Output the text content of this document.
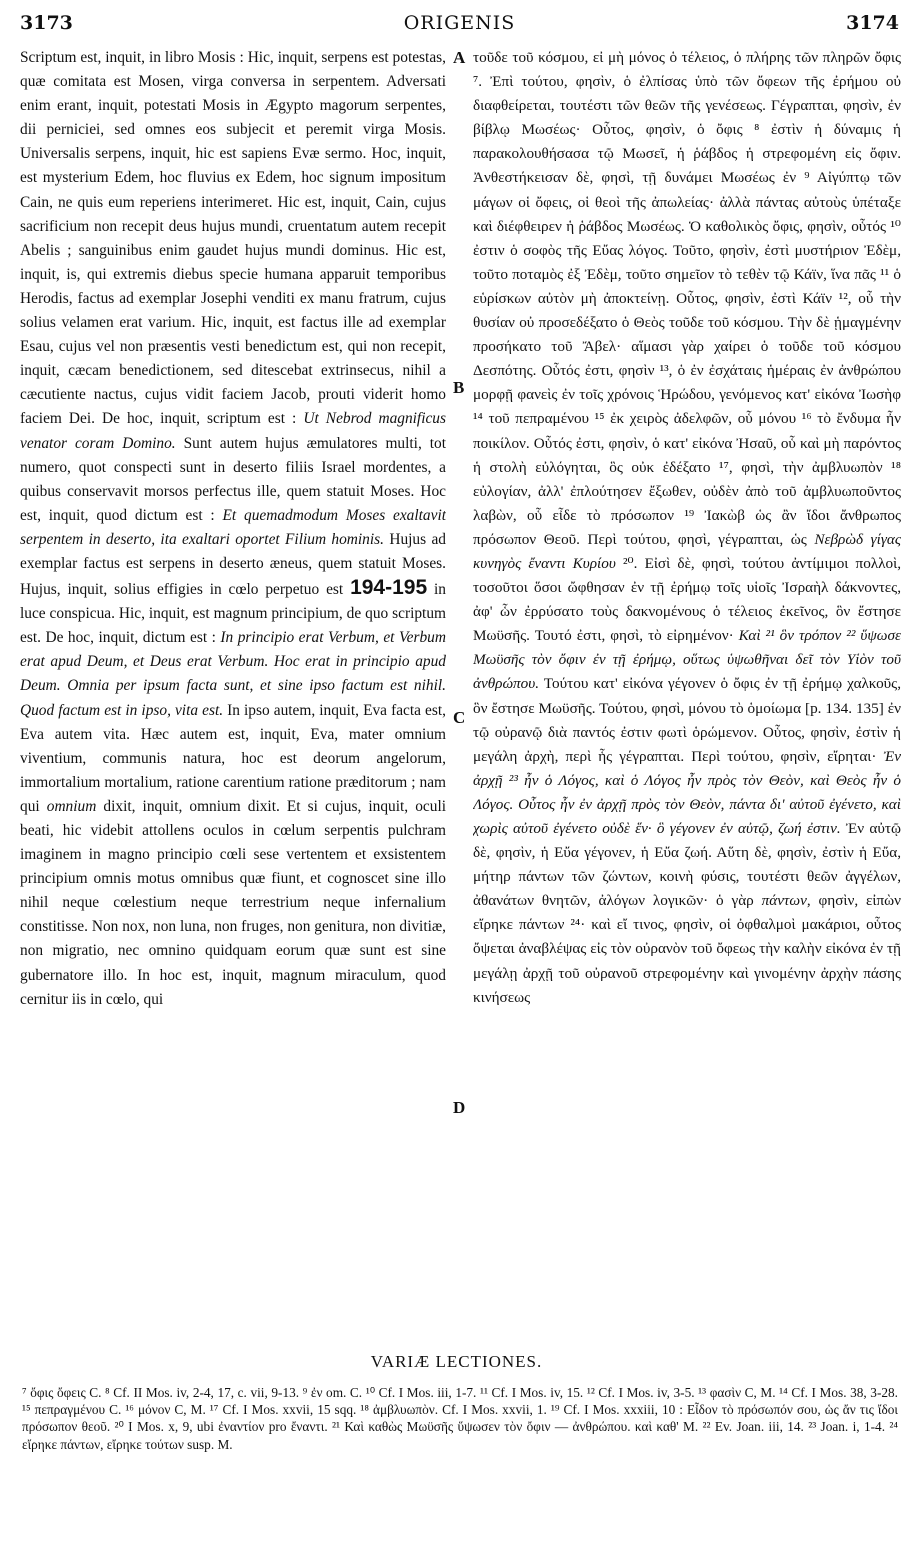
3173	ORIGENIS	3174

Scriptum est, inquit, in libro Mosis : Hic, inquit, serpens est potestas, quæ comitata est Mosen, virga conversa in serpentem. Adversati enim erant, inquit, potestati Mosis in Ægypto magorum serpentes, dii perniciei, sed omnes eos subjecit et peremit virga Mosis. Universalis serpens, inquit, hic est sapiens Evæ sermo. Hoc, inquit, est mysterium Edem, hoc fluvius ex Edem, hoc signum impositum Cain, ne quis eum reperiens interimeret. Hic est, inquit, Cain, cujus sacrificium non recepit deus hujus mundi, cruentatum autem recepit Abelis ; sanguinibus enim gaudet hujus mundi dominus. Hic est, inquit, is, qui extremis diebus specie humana apparuit temporibus Herodis, factus ad exemplar Josephi venditi ex manu fratrum, cujus solius velamen erat varium. Hic, inquit, est factus ille ad exemplar Esau, cujus vel non præsentis vesti benedictum est, qui non recepit, inquit, cæcam benedictionem, sed ditescebat extrinsecus, nihil a cæcutiente nactus, cujus vidit faciem Jacob, prouti viderit homo faciem Dei. De hoc, inquit, scriptum est : Ut Nebrod magnificus venator coram Domino. Sunt autem hujus æmulatores multi, tot numero, quot conspecti sunt in deserto filiis Israel mordentes, a quibus conservavit morsos perfectus ille, quem statuit Moses. Hoc est, inquit, quod dictum est : Et quemadmodum Moses exaltavit serpentem in deserto, ita exaltari oportet Filium hominis. Hujus ad exemplar factus est serpens in deserto æneus, quem statuit Moses. Hujus, inquit, solius effigies in cœlo perpetuo est 194-195 in luce conspicua. Hic, inquit, est magnum principium, de quo scriptum est. De hoc, inquit, dictum est : In principio erat Verbum, et Verbum erat apud Deum, et Deus erat Verbum. Hoc erat in principio apud Deum. Omnia per ipsum facta sunt, et sine ipso factum est nihil. Quod factum est in ipso, vita est. In ipso autem, inquit, Eva facta est, Eva autem vita. Hæc autem est, inquit, Eva, mater omnium viventium, communis natura, hoc est deorum angelorum, immortalium mortalium, ratione carentium ratione præditorum ; nam qui omnium dixit, inquit, omnium dixit. Et si cujus, inquit, oculi beati, hic videbit attollens oculos in cœlum serpentis pulchram imaginem in magno principio cœli sese vertentem et exsistentem principium omnis motus omnibus quæ fiunt, et cognoscet sine illo nihil neque cœlestium neque terrestrium neque infernalium constitisse. Non nox, non luna, non fruges, non genitura, non divitiæ, non migratio, nec omnino quidquam eorum quæ sunt est sine gubernatore illo. In hoc est, inquit, magnum miraculum, quod cernitur iis in cœlo, qui

A
B
C
D

τοῦδε τοῦ κόσμου, εἰ μὴ μόνος ὁ τέλειος, ὁ πλήρης τῶν πληρῶν ὄφις ⁷. Ἐπὶ τούτου, φησὶν, ὁ ἐλπίσας ὑπὸ τῶν ὄφεων τῆς ἐρήμου οὐ διαφθείρεται, τουτέστι τῶν θεῶν τῆς γενέσεως. Γέγραπται, φησὶν, ἐν βίβλῳ Μωσέως· Οὗτος, φησὶν, ὁ ὄφις ⁸ ἐστὶν ἡ δύναμις ἡ παρακολουθήσασα τῷ Μωσεῖ, ἡ ῥάβδος ἡ στρεφομένη εἰς ὄφιν. Ἀνθεστήκεισαν δὲ, φησὶ, τῇ δυνάμει Μωσέως ἐν ⁹ Αἰγύπτῳ τῶν μάγων οἱ ὄφεις, οἱ θεοὶ τῆς ἀπωλείας· ἀλλὰ πάντας αὐτοὺς ὑπέταξε καὶ διέφθειρεν ἡ ῥάβδος Μωσέως. Ὁ καθολικὸς ὄφις, φησὶν, οὗτός ¹⁰ ἐστιν ὁ σοφὸς τῆς Εὔας λόγος. Τοῦτο, φησὶν, ἐστὶ μυστήριον Ἐδὲμ, τοῦτο ποταμὸς ἐξ Ἐδὲμ, τοῦτο σημεῖον τὸ τεθὲν τῷ Κάϊν, ἵνα πᾶς ¹¹ ὁ εὑρίσκων αὐτὸν μὴ ἀποκτείνῃ. Οὗτος, φησὶν, ἐστὶ Κάϊν ¹², οὗ τὴν θυσίαν οὐ προσεδέξατο ὁ Θεὸς τοῦδε τοῦ κόσμου. Τὴν δὲ ᾑμαγμένην προσήκατο τοῦ Ἄβελ· αἵμασι γὰρ χαίρει ὁ τοῦδε τοῦ κόσμου Δεσπότης. Οὗτός ἐστι, φησὶν ¹³, ὁ ἐν ἐσχάταις ἡμέραις ἐν ἀνθρώπου μορφῇ φανεὶς ἐν τοῖς χρόνοις Ἡρώδου, γενόμενος κατ' εἰκόνα Ἰωσὴφ ¹⁴ τοῦ πεπραμένου ¹⁵ ἐκ χειρὸς ἀδελφῶν, οὗ μόνου ¹⁶ τὸ ἔνδυμα ἦν ποικίλον. Οὗτός ἐστι, φησὶν, ὁ κατ' εἰκόνα Ἠσαῦ, οὗ καὶ μὴ παρόντος ἡ στολὴ εὐλόγηται, ὃς οὐκ ἐδέξατο ¹⁷, φησὶ, τὴν ἀμβλυωπὸν ¹⁸ εὐλογίαν, ἀλλ' ἐπλούτησεν ἔξωθεν, οὐδὲν ἀπὸ τοῦ ἀμβλυωποῦντος λαβὼν, οὗ εἶδε τὸ πρόσωπον ¹⁹ Ἰακὼβ ὡς ἂν ἴδοι ἄνθρωπος πρόσωπον Θεοῦ. Περὶ τούτου, φησὶ, γέγραπται, ὡς Νεβρὼδ γίγας κυνηγὸς ἔναντι Κυρίου ²⁰. Εἰσὶ δὲ, φησὶ, τούτου ἀντίμιμοι πολλοὶ, τοσοῦτοι ὅσοι ὤφθησαν ἐν τῇ ἐρήμῳ τοῖς υἱοῖς Ἰσραὴλ δάκνοντες, ἀφ' ὧν ἐρρύσατο τοὺς δακνομένους ὁ τέλειος ἐκεῖνος, ὃν ἔστησε Μωϋσῆς. Τουτό ἐστι, φησὶ, τὸ εἰρημένον· Καὶ ²¹ ὃν τρόπον ²² ὕψωσε Μωϋσῆς τὸν ὄφιν ἐν τῇ ἐρήμῳ, οὕτως ὑψωθῆναι δεῖ τὸν Υἱὸν τοῦ ἀνθρώπου. Τούτου κατ' εἰκόνα γέγονεν ὁ ὄφις ἐν τῇ ἐρήμῳ χαλκοῦς, ὃν ἔστησε Μωϋσῆς. Τούτου, φησὶ, μόνου τὸ ὁμοίωμα [p. 134. 135] ἐν τῷ οὐρανῷ διὰ παντός ἐστιν φωτὶ ὁρώμενον. Οὗτος, φησὶν, ἐστὶν ἡ μεγάλη ἀρχὴ, περὶ ἧς γέγραπται. Περὶ τούτου, φησὶν, εἴρηται· Ἐν ἀρχῇ ²³ ἦν ὁ Λόγος, καὶ ὁ Λόγος ἦν πρὸς τὸν Θεὸν, καὶ Θεὸς ἦν ὁ Λόγος. Οὗτος ἦν ἐν ἀρχῇ πρὸς τὸν Θεὸν, πάντα δι' αὐτοῦ ἐγένετο, καὶ χωρὶς αὐτοῦ ἐγένετο οὐδὲ ἕν· ὃ γέγονεν ἐν αὐτῷ, ζωή ἐστιν. Ἐν αὐτῷ δὲ, φησὶν, ἡ Εὔα γέγονεν, ἡ Εὔα ζωή. Αὕτη δὲ, φησὶν, ἐστὶν ἡ Εὔα, μήτηρ πάντων τῶν ζώντων, κοινὴ φύσις, τουτέστι θεῶν ἀγγέλων, ἀθανάτων θνητῶν, ἀλόγων λογικῶν· ὁ γὰρ πάντων, φησὶν, εἰπὼν εἴρηκε πάντων ²⁴· καὶ εἴ τινος, φησὶν, οἱ ὀφθαλμοὶ μακάριοι, οὗτος ὄψεται ἀναβλέψας εἰς τὸν οὐρανὸν τοῦ ὄφεως τὴν καλὴν εἰκόνα ἐν τῇ μεγάλῃ ἀρχῇ τοῦ οὐρανοῦ στρεφομένην καὶ γινομένην ἀρχὴν πάσης κινήσεως

VARIÆ LECTIONES.

⁷ ὄφις ὄφεις C. ⁸ Cf. II Mos. iv, 2-4, 17, c. vii, 9-13. ⁹ ἐν om. C. ¹⁰ Cf. I Mos. iii, 1-7. ¹¹ Cf. I Mos. iv, 15. ¹² Cf. I Mos. iv, 3-5. ¹³ φασὶν C, M. ¹⁴ Cf. I Mos. 38, 3-28. ¹⁵ πεπραγμένου C. ¹⁶ μόνον C, M. ¹⁷ Cf. I Mos. xxvii, 15 sqq. ¹⁸ ἀμβλυωπὸν. Cf. I Mos. xxvii, 1. ¹⁹ Cf. I Mos. xxxiii, 10 : Εἶδον τὸ πρόσωπόν σου, ὡς ἄν τις ἴδοι πρόσωπον θεοῦ. ²⁰ I Mos. x, 9, ubi ἐναντίον pro ἔναντι. ²¹ Καὶ καθὼς Μωϋσῆς ὕψωσεν τὸν ὄφιν — ἀνθρώπου. καὶ καθ' M. ²² Ev. Joan. iii, 14. ²³ Joan. i, 1-4. ²⁴ εἴρηκε πάντων, εἴρηκε τούτων susp. M.
